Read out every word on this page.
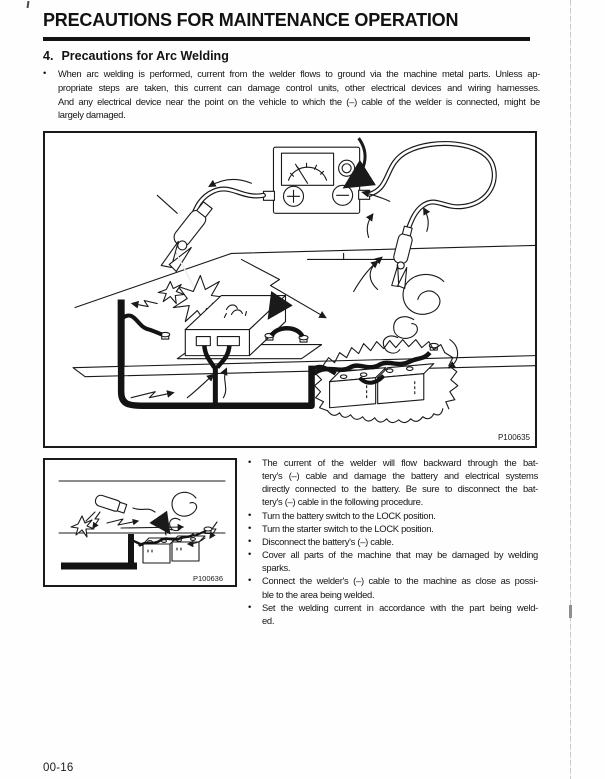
PRECAUTIONS FOR MAINTENANCE OPERATION
4. Precautions for Arc Welding
•	When arc welding is performed, current from the welder flows to ground via the machine metal parts. Unless ap-
propriate steps are taken, this current can damage control units, other electrical devices and wiring harnesses.
And any electrical device near the point on the vehicle to which the (–) cable of the welder is connected, might be
largely damaged.
P100635
P100636
•	The current of the welder will flow backward through the bat-
tery's (–) cable and damage the battery and electrical systems
directly connected to the battery. Be sure to disconnect the bat-
tery's (–) cable in the following procedure.
•	Turn the battery switch to the LOCK position.
•	Turn the starter switch to the LOCK position.
•	Disconnect the battery's (–) cable.
•	Cover all parts of the machine that may be damaged by welding
sparks.
•	Connect the welder's (–) cable to the machine as close as possi-
ble to the area being welded.
•	Set the welding current in accordance with the part being weld-
ed.
00-16
